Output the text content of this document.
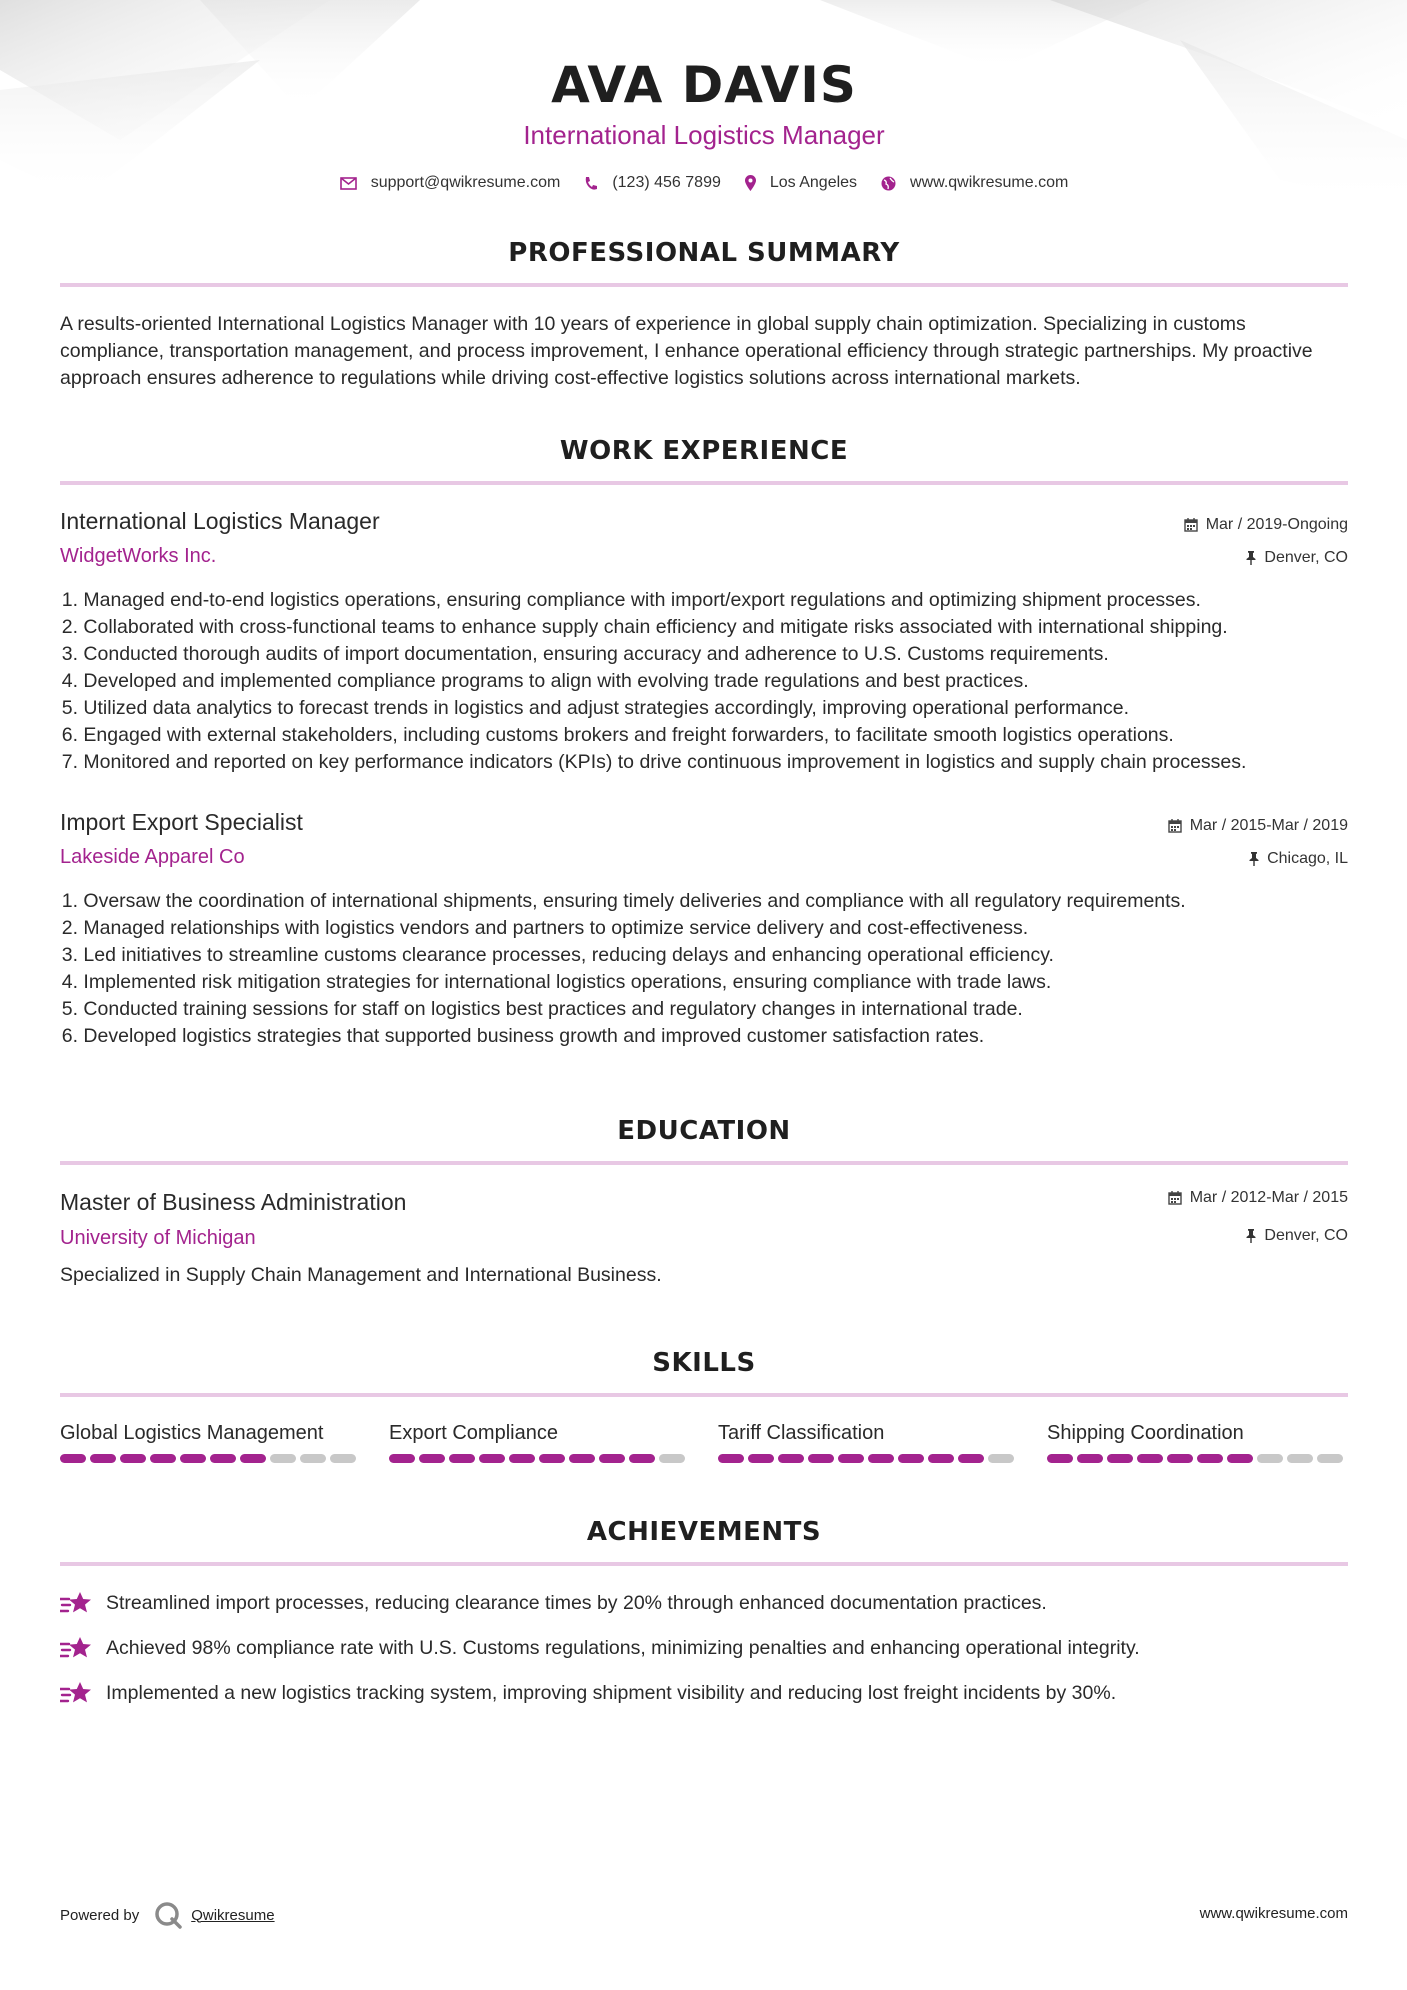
AVA DAVIS
International Logistics Manager
support@qwikresume.com	(123) 456 7899	Los Angeles	www.qwikresume.com
PROFESSIONAL SUMMARY
A results-oriented International Logistics Manager with 10 years of experience in global supply chain optimization. Specializing in customs compliance, transportation management, and process improvement, I enhance operational efficiency through strategic partnerships. My proactive approach ensures adherence to regulations while driving cost-effective logistics solutions across international markets.
WORK EXPERIENCE
International Logistics Manager	Mar / 2019-Ongoing
WidgetWorks Inc.	Denver, CO
1.
Managed end-to-end logistics operations, ensuring compliance with import/export regulations and optimizing shipment processes.
2.
Collaborated with cross-functional teams to enhance supply chain efficiency and mitigate risks associated with international shipping.
3.
Conducted thorough audits of import documentation, ensuring accuracy and adherence to U.S. Customs requirements.
4.
Developed and implemented compliance programs to align with evolving trade regulations and best practices.
5.
Utilized data analytics to forecast trends in logistics and adjust strategies accordingly, improving operational performance.
6.
Engaged with external stakeholders, including customs brokers and freight forwarders, to facilitate smooth logistics operations.
7.
Monitored and reported on key performance indicators (KPIs) to drive continuous improvement in logistics and supply chain processes.
Import Export Specialist	Mar / 2015-Mar / 2019
Lakeside Apparel Co	Chicago, IL
1.
Oversaw the coordination of international shipments, ensuring timely deliveries and compliance with all regulatory requirements.
2.
Managed relationships with logistics vendors and partners to optimize service delivery and cost-effectiveness.
3.
Led initiatives to streamline customs clearance processes, reducing delays and enhancing operational efficiency.
4.
Implemented risk mitigation strategies for international logistics operations, ensuring compliance with trade laws.
5.
Conducted training sessions for staff on logistics best practices and regulatory changes in international trade.
6.
Developed logistics strategies that supported business growth and improved customer satisfaction rates.
EDUCATION
Master of Business Administration	Mar / 2012-Mar / 2015
University of Michigan	Denver, CO
Specialized in Supply Chain Management and International Business.
SKILLS
Global Logistics Management	Export Compliance	Tariff Classification	Shipping Coordination
ACHIEVEMENTS
Streamlined import processes, reducing clearance times by 20% through enhanced documentation practices.
Achieved 98% compliance rate with U.S. Customs regulations, minimizing penalties and enhancing operational integrity.
Implemented a new logistics tracking system, improving shipment visibility and reducing lost freight incidents by 30%.
Powered by	Qwikresume	www.qwikresume.com
